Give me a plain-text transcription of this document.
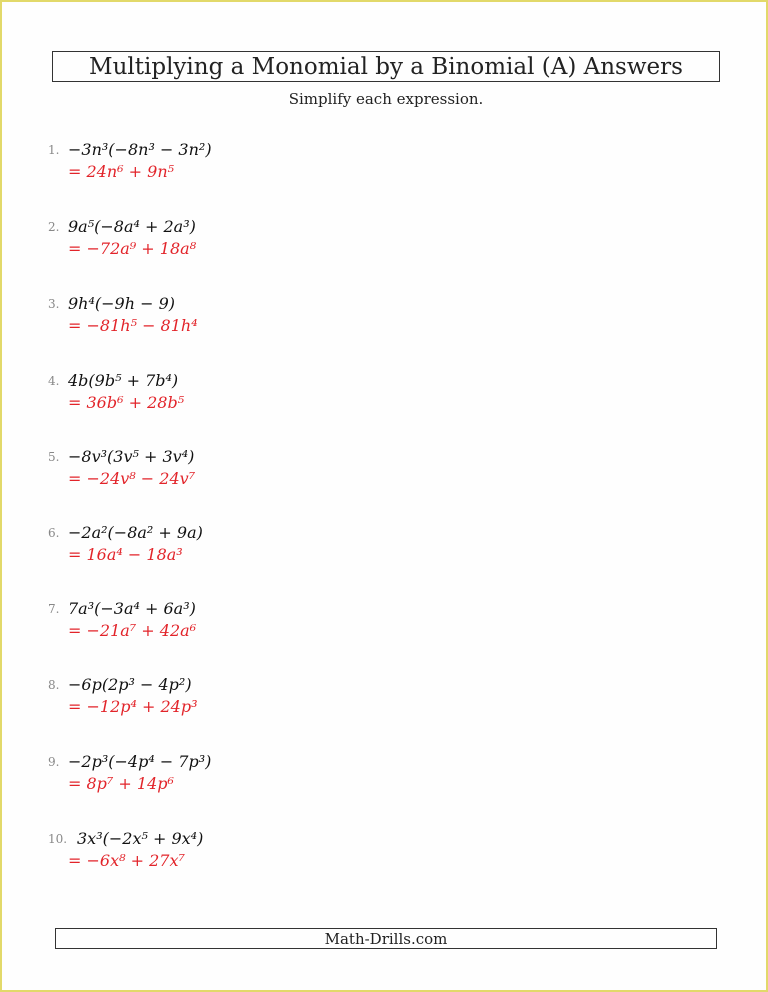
Multiplying a Monomial by a Binomial (A) Answers
Simplify each expression.
1. −3n³(−8n³ − 3n²)
= 24n⁶ + 9n⁵
2. 9a⁵(−8a⁴ + 2a³)
= −72a⁹ + 18a⁸
3. 9h⁴(−9h − 9)
= −81h⁵ − 81h⁴
4. 4b(9b⁵ + 7b⁴)
= 36b⁶ + 28b⁵
5. −8v³(3v⁵ + 3v⁴)
= −24v⁸ − 24v⁷
6. −2a²(−8a² + 9a)
= 16a⁴ − 18a³
7. 7a³(−3a⁴ + 6a³)
= −21a⁷ + 42a⁶
8. −6p(2p³ − 4p²)
= −12p⁴ + 24p³
9. −2p³(−4p⁴ − 7p³)
= 8p⁷ + 14p⁶
10. 3x³(−2x⁵ + 9x⁴)
= −6x⁸ + 27x⁷
Math-Drills.com
